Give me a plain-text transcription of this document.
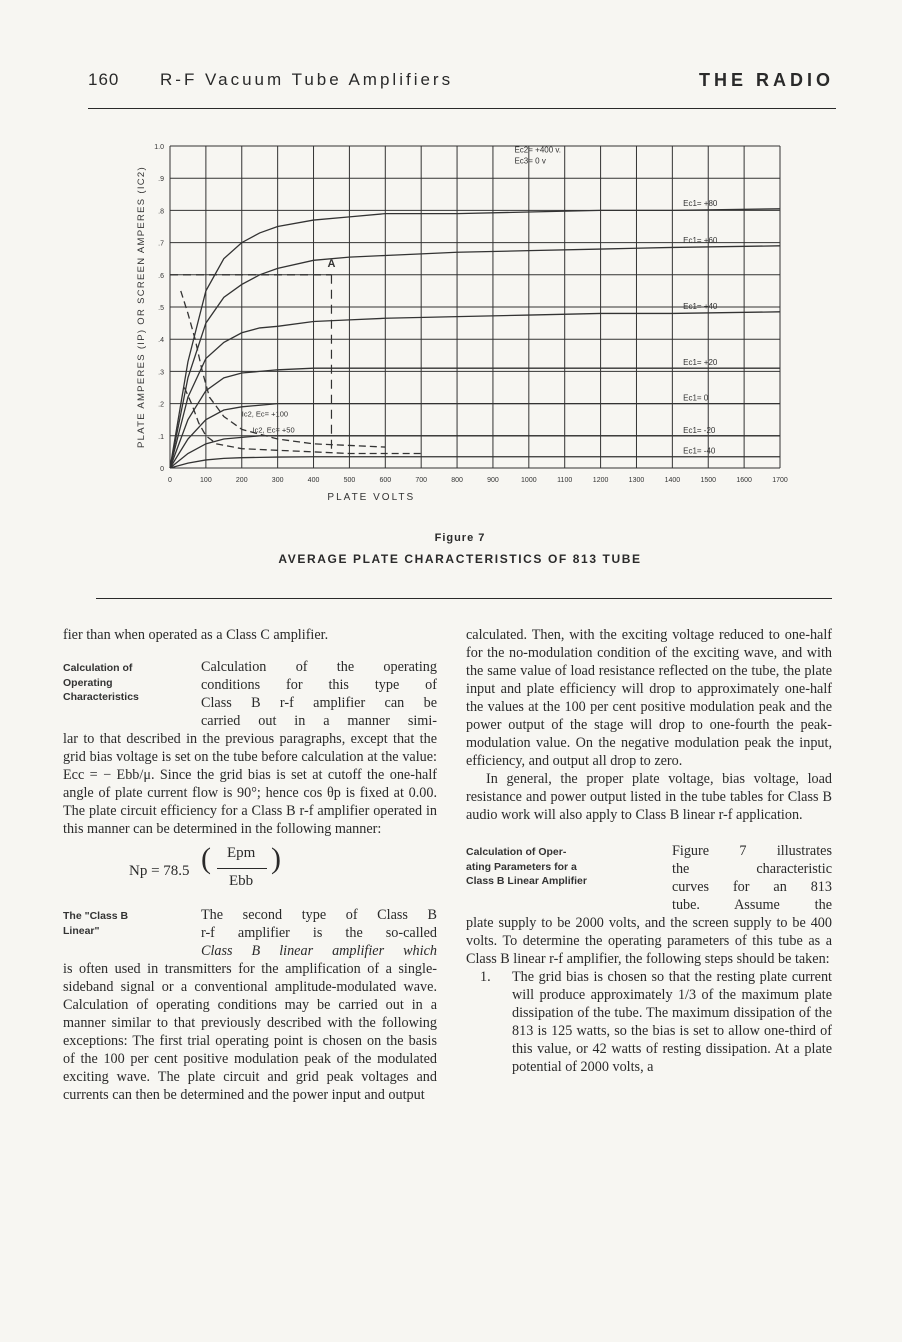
160 R-F Vacuum Tube Amplifiers	THE RADIO
0	100	200	300	400	500	600	700	800	900	1000	1100	1200	1300	1400	1500	1600	1700
0
.1
.2
.3
.4
.5
.6
.7
.8
.9
1.0
PLATE VOLTS
PLATE AMPERES (IP) OR SCREEN AMPERES (IC2)
Ec2= +400 v.
Ec3= 0 v
Ec1= +80
Ec1= +60
Ec1= +40
Ec1= +20
Ec1= 0
Ec1= -20
Ec1= -40
A
Ic2, Ec= +100
Ic2, Ec= +50
Figure 7
AVERAGE PLATE CHARACTERISTICS OF 813 TUBE

fier than when operated as a Class C amplifier.

Calculation of
Operating
Characteristics
Calculation of the operating
conditions for this type of
Class B r-f amplifier can be
carried out in a manner simi-

lar to that described in the previous paragraphs, except that the grid bias voltage is set on the tube before calculation at the value: Ecc = − Ebb/μ. Since the grid bias is set at cutoff the one-half angle of plate current flow is 90°; hence cos θp is fixed at 0.00. The plate circuit efficiency for a Class B r-f amplifier operated in this manner can be determined in the following manner:

Np = 78.5 ( Epm
Ebb
)
The "Class B
Linear"
The second type of Class B
r-f amplifier is the so-called
Class B linear amplifier which

is often used in transmitters for the amplification of a single-sideband signal or a conventional amplitude-modulated wave. Calculation of operating conditions may be carried out in a manner similar to that previously described with the following exceptions: The first trial operating point is chosen on the basis of the 100 per cent positive modulation peak of the modulated exciting wave. The plate circuit and grid peak voltages and currents can then be determined and the power input and output

calculated. Then, with the exciting voltage reduced to one-half for the no-modulation condition of the exciting wave, and with the same value of load resistance reflected on the tube, the plate input and plate efficiency will drop to approximately one-half the values at the 100 per cent positive modulation peak and the power output of the stage will drop to one-fourth the peak-modulation value. On the negative modulation peak the input, efficiency, and output all drop to zero.

In general, the proper plate voltage, bias voltage, load resistance and power output listed in the tube tables for Class B audio work will also apply to Class B linear r-f application.

Calculation of Oper-
ating Parameters for a
Class B Linear Amplifier
Figure 7 illustrates
the characteristic
curves for an 813
tube. Assume the

plate supply to be 2000 volts, and the screen supply to be 400 volts. To determine the operating parameters of this tube as a Class B linear r-f amplifier, the following steps should be taken:

1. The grid bias is chosen so that the resting plate current will produce approximately 1/3 of the maximum plate dissipation of the tube. The maximum dissipation of the 813 is 125 watts, so the bias is set to allow one-third of this value, or 42 watts of resting dissipation. At a plate potential of 2000 volts, a
